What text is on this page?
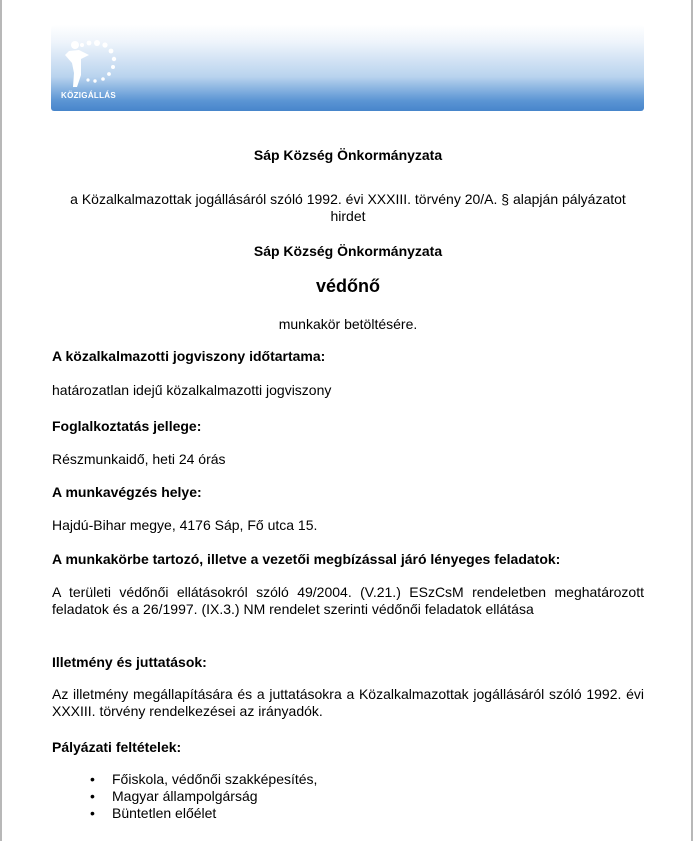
KÖZIGÁLLÁS
Sáp Község Önkormányzata
a Közalkalmazottak jogállásáról szóló 1992. évi XXXIII. törvény 20/A. § alapján pályázatot hirdet
Sáp Község Önkormányzata
védőnő
munkakör betöltésére.
A közalkalmazotti jogviszony időtartama:
határozatlan idejű közalkalmazotti jogviszony
Foglalkoztatás jellege:
Részmunkaidő, heti 24 órás
A munkavégzés helye:
Hajdú-Bihar megye, 4176 Sáp, Fő utca 15.
A munkakörbe tartozó, illetve a vezetői megbízással járó lényeges feladatok:
A területi védőnői ellátásokról szóló 49/2004. (V.21.) ESzCsM rendeletben meghatározott feladatok és a 26/1997. (IX.3.) NM rendelet szerinti védőnői feladatok ellátása
Illetmény és juttatások:
Az illetmény megállapítására és a juttatásokra a Közalkalmazottak jogállásáról szóló 1992. évi XXXIII. törvény rendelkezései az irányadók.
Pályázati feltételek:
• Főiskola, védőnői szakképesítés,
• Magyar állampolgárság
• Büntetlen előélet
